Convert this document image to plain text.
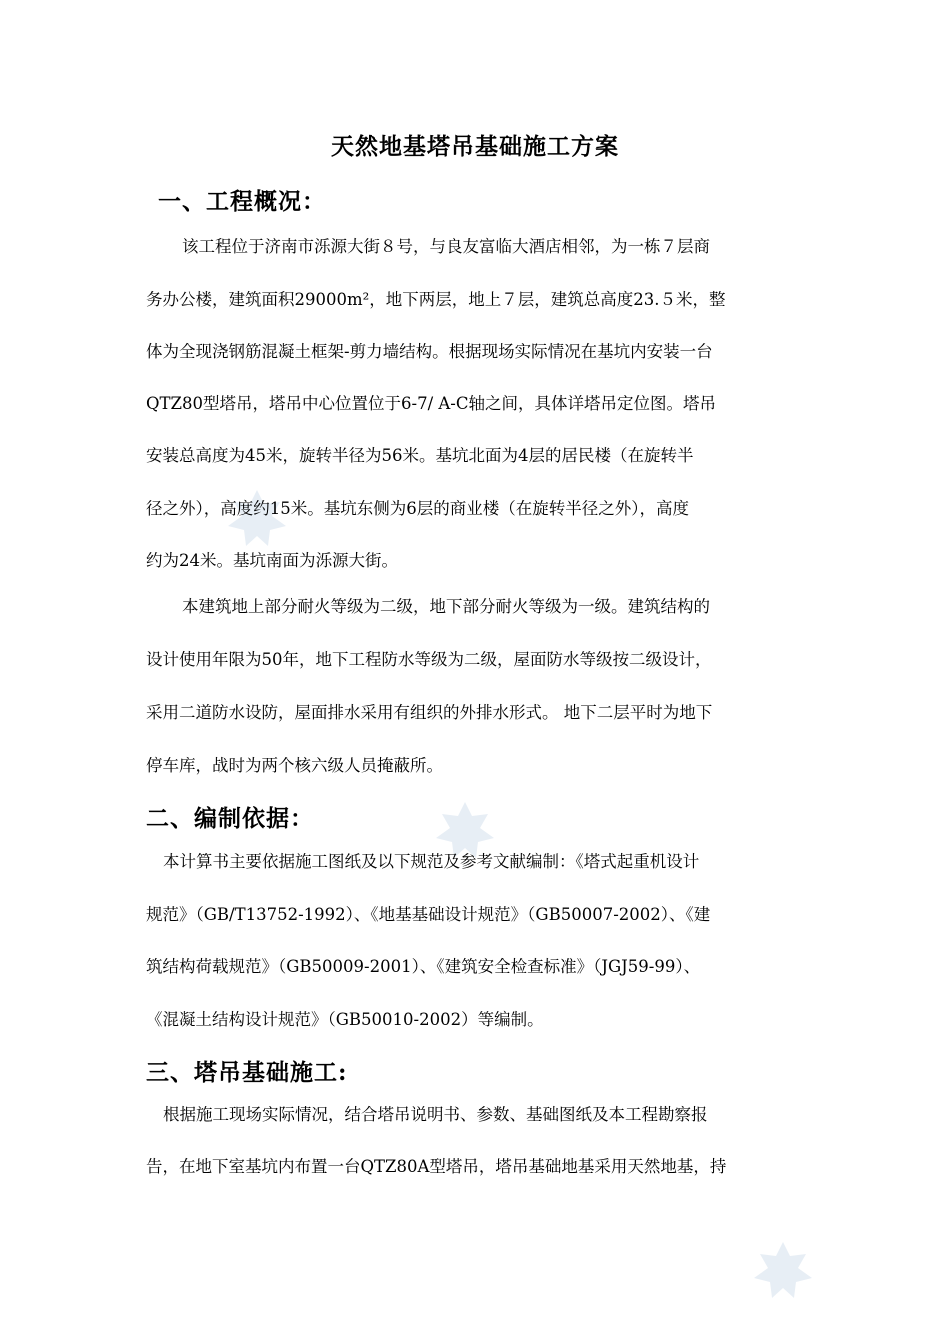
天然地基塔吊基础施工方案
一、工程概况：
该工程位于济南市泺源大街８号，与良友富临大酒店相邻，为一栋７层商
务办公楼，建筑面积29000m²，地下两层，地上７层，建筑总高度23.５米，整
体为全现浇钢筋混凝土框架-剪力墙结构。根据现场实际情况在基坑内安装一台
QTZ80型塔吊，塔吊中心位置位于6-7/ A-C轴之间，具体详塔吊定位图。塔吊
安装总高度为45米，旋转半径为56米。基坑北面为4层的居民楼（在旋转半
径之外），高度约15米。基坑东侧为6层的商业楼（在旋转半径之外），高度
约为24米。基坑南面为泺源大街。
本建筑地上部分耐火等级为二级，地下部分耐火等级为一级。建筑结构的
设计使用年限为50年，地下工程防水等级为二级，屋面防水等级按二级设计，
采用二道防水设防，屋面排水采用有组织的外排水形式。 地下二层平时为地下
停车库，战时为两个核六级人员掩蔽所。
二、编制依据：
本计算书主要依据施工图纸及以下规范及参考文献编制：《塔式起重机设计
规范》（GB/T13752-1992）、《地基基础设计规范》（GB50007-2002）、《建
筑结构荷载规范》（GB50009-2001）、《建筑安全检查标准》（JGJ59-99）、
《混凝土结构设计规范》（GB50010-2002）等编制。
三、塔吊基础施工:
根据施工现场实际情况，结合塔吊说明书、参数、基础图纸及本工程勘察报
告，在地下室基坑内布置一台QTZ80A型塔吊，塔吊基础地基采用天然地基，持
